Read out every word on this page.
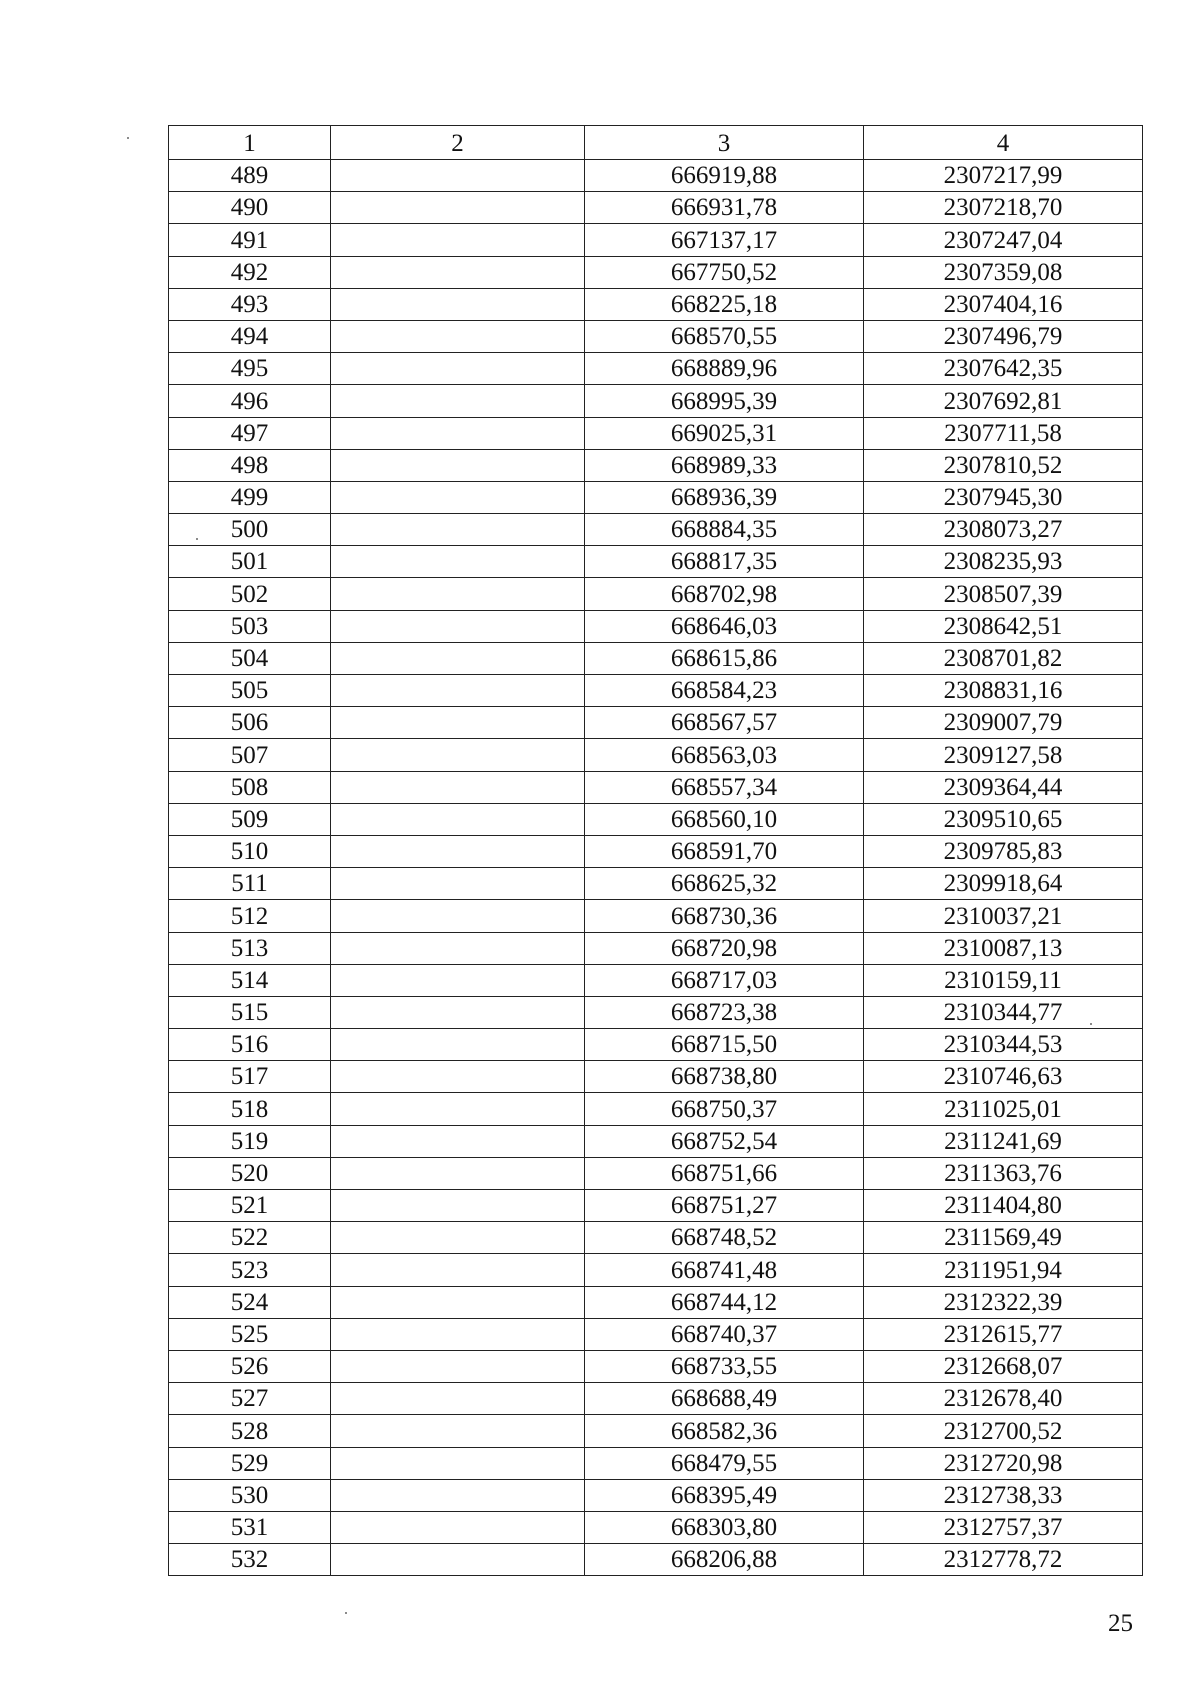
1	2	3	4
489		666919,88	2307217,99
490		666931,78	2307218,70
491		667137,17	2307247,04
492		667750,52	2307359,08
493		668225,18	2307404,16
494		668570,55	2307496,79
495		668889,96	2307642,35
496		668995,39	2307692,81
497		669025,31	2307711,58
498		668989,33	2307810,52
499		668936,39	2307945,30
500		668884,35	2308073,27
501		668817,35	2308235,93
502		668702,98	2308507,39
503		668646,03	2308642,51
504		668615,86	2308701,82
505		668584,23	2308831,16
506		668567,57	2309007,79
507		668563,03	2309127,58
508		668557,34	2309364,44
509		668560,10	2309510,65
510		668591,70	2309785,83
511		668625,32	2309918,64
512		668730,36	2310037,21
513		668720,98	2310087,13
514		668717,03	2310159,11
515		668723,38	2310344,77
516		668715,50	2310344,53
517		668738,80	2310746,63
518		668750,37	2311025,01
519		668752,54	2311241,69
520		668751,66	2311363,76
521		668751,27	2311404,80
522		668748,52	2311569,49
523		668741,48	2311951,94
524		668744,12	2312322,39
525		668740,37	2312615,77
526		668733,55	2312668,07
527		668688,49	2312678,40
528		668582,36	2312700,52
529		668479,55	2312720,98
530		668395,49	2312738,33
531		668303,80	2312757,37
532		668206,88	2312778,72
25
